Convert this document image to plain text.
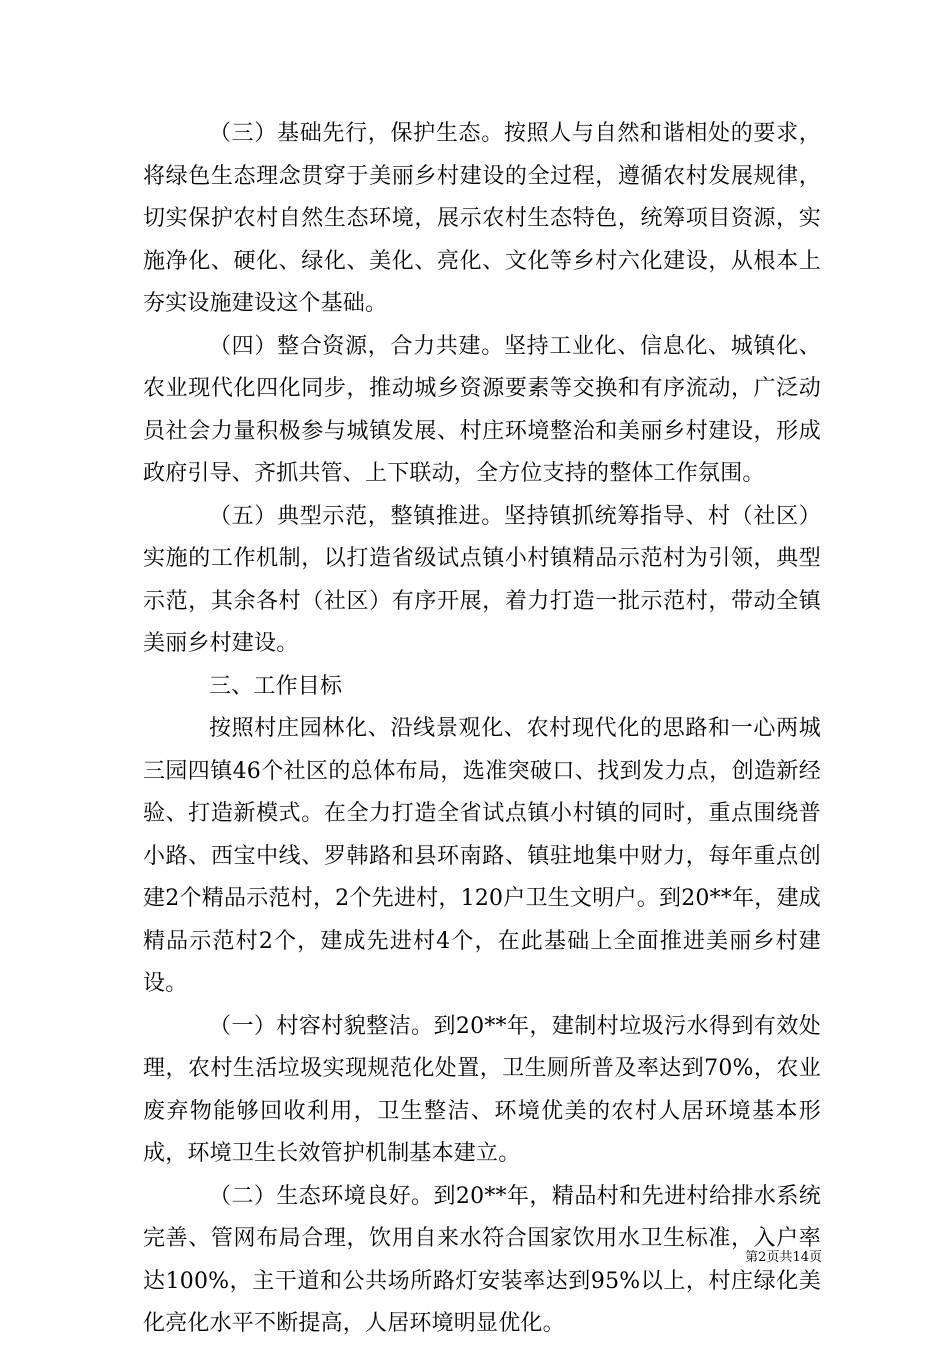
（三）基础先行，保护生态。按照人与自然和谐相处的要求，将绿色生态理念贯穿于美丽乡村建设的全过程，遵循农村发展规律，切实保护农村自然生态环境，展示农村生态特色，统筹项目资源，实施净化、硬化、绿化、美化、亮化、文化等乡村六化建设，从根本上夯实设施建设这个基础。

（四）整合资源，合力共建。坚持工业化、信息化、城镇化、农业现代化四化同步，推动城乡资源要素等交换和有序流动，广泛动员社会力量积极参与城镇发展、村庄环境整治和美丽乡村建设，形成政府引导、齐抓共管、上下联动，全方位支持的整体工作氛围。

（五）典型示范，整镇推进。坚持镇抓统筹指导、村（社区）实施的工作机制，以打造省级试点镇小村镇精品示范村为引领，典型示范，其余各村（社区）有序开展，着力打造一批示范村，带动全镇美丽乡村建设。

三、工作目标

按照村庄园林化、沿线景观化、农村现代化的思路和一心两城三园四镇46个社区的总体布局，选准突破口、找到发力点，创造新经验、打造新模式。在全力打造全省试点镇小村镇的同时，重点围绕普小路、西宝中线、罗韩路和县环南路、镇驻地集中财力，每年重点创建2个精品示范村，2个先进村，120户卫生文明户。到20**年，建成精品示范村2个，建成先进村4个，在此基础上全面推进美丽乡村建设。

（一）村容村貌整洁。到20**年，建制村垃圾污水得到有效处理，农村生活垃圾实现规范化处置，卫生厕所普及率达到70%，农业废弃物能够回收利用，卫生整洁、环境优美的农村人居环境基本形成，环境卫生长效管护机制基本建立。

（二）生态环境良好。到20**年，精品村和先进村给排水系统完善、管网布局合理，饮用自来水符合国家饮用水卫生标准，入户率达100%，主干道和公共场所路灯安装率达到95%以上，村庄绿化美化亮化水平不断提高，人居环境明显优化。

第2页共14页
